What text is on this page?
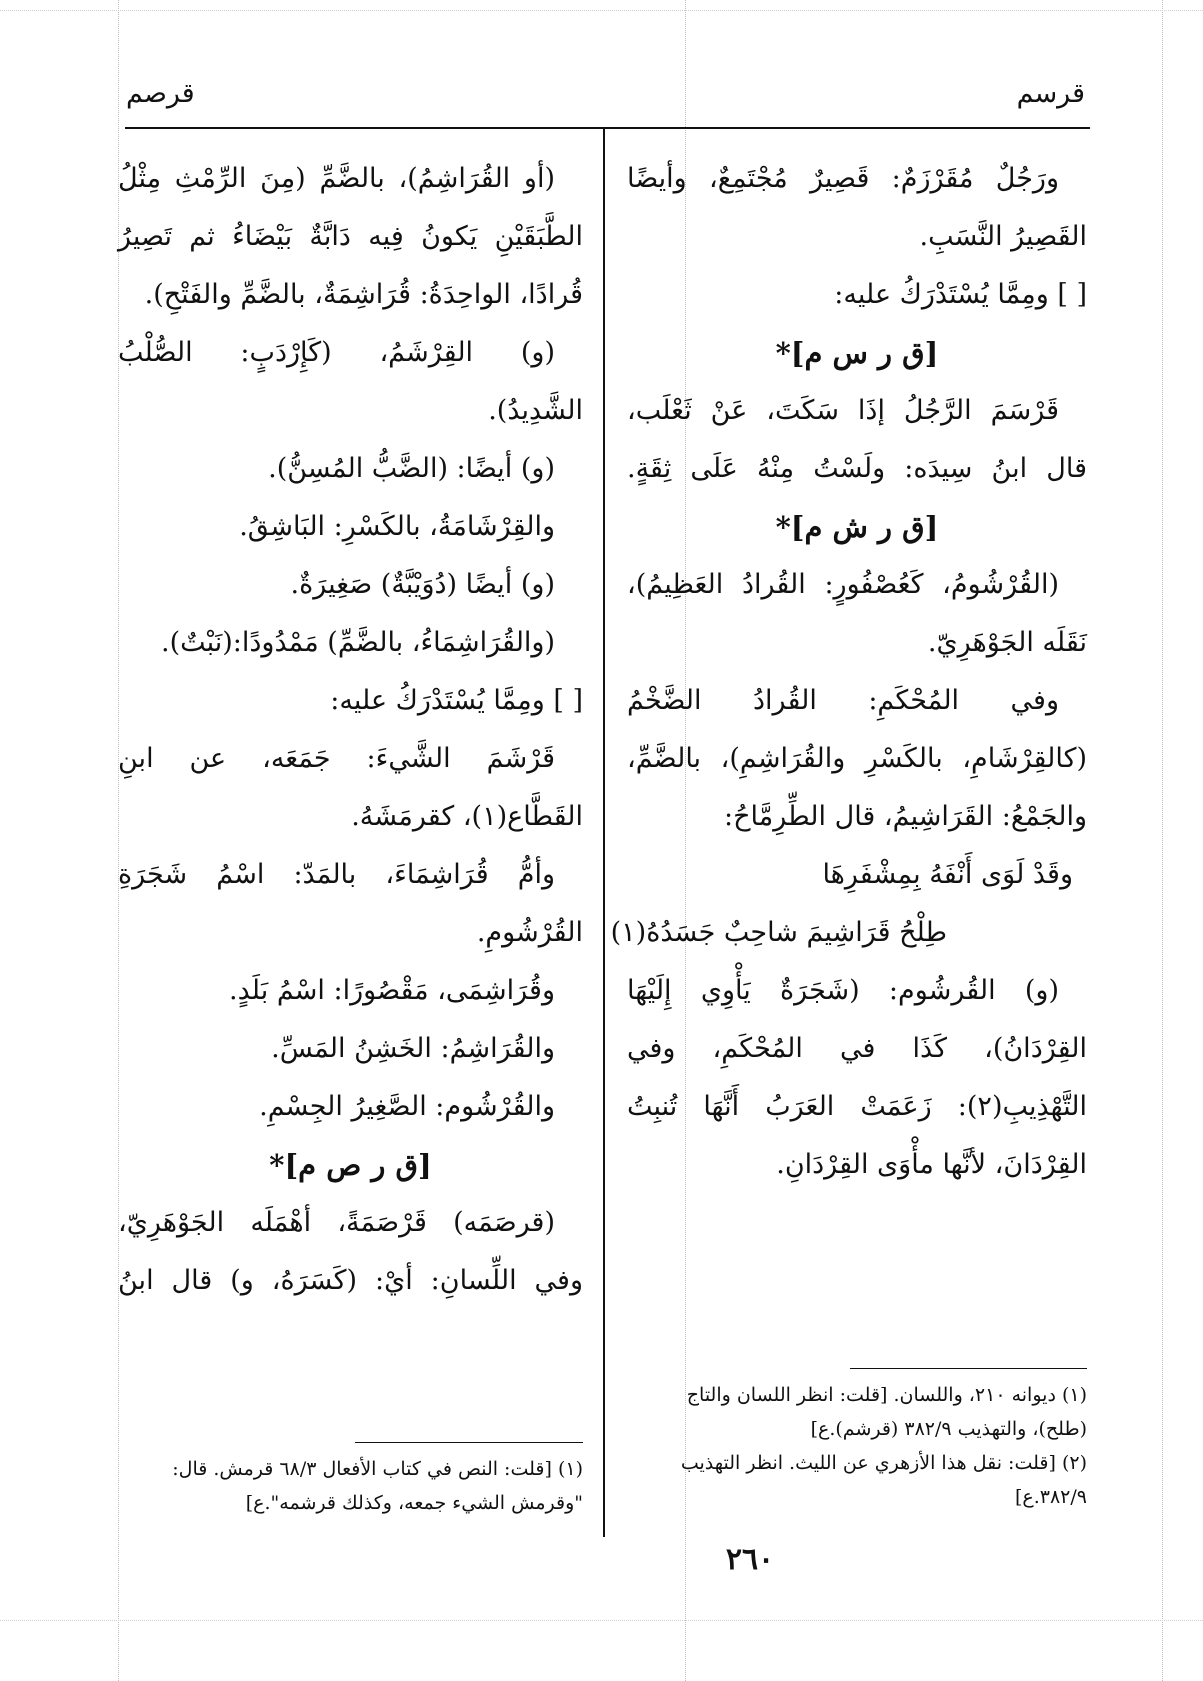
قرسم
قرصم
ورَجُلٌ مُقَرْزَمٌ: قَصِيرٌ مُجْتَمِعٌ، وأيضًا
القَصِيرُ النَّسَبِ.
[ ] ومِمَّا يُسْتَدْرَكُ عليه:
[ق ر س م]*
قَرْسَمَ الرَّجُلُ إذَا سَكَتَ، عَنْ ثَعْلَب،
قال ابنُ سِيدَه: ولَسْتُ مِنْهُ عَلَى ثِقَةٍ.
[ق ر ش م]*
(القُرْشُومُ، كَعُصْفُورٍ: القُرادُ العَظِيمُ)،
نَقَلَه الجَوْهَرِيّ.
وفي المُحْكَمِ: القُرادُ الضَّخْمُ
(كالقِرْشَامِ، بالكَسْرِ والقُرَاشِمِ)، بالضَّمِّ،
والجَمْعُ: القَرَاشِيمُ، قال الطِّرِمَّاحُ:
وقَدْ لَوَى أَنْفَهُ بِمِشْفَرِهَا
طِلْحُ قَرَاشِيمَ شاحِبٌ جَسَدُهُ(١)
(و) القُرشُوم: (شَجَرَةٌ يَأْوِي إِلَيْهَا
القِرْدَانُ)، كَذَا في المُحْكَمِ، وفي
التَّهْذِيبِ(٢): زَعَمَتْ العَرَبُ أَنَّهَا تُنبِتُ
القِرْدَانَ، لأنَّها مأْوَى القِرْدَانِ.
(أو القُرَاشِمُ)، بالضَّمِّ (مِنَ الرِّمْثِ مِثْلُ
الطَّبَقَيْنِ يَكونُ فِيه دَابَّةٌ بَيْضَاءُ ثم تَصِيرُ
قُرادًا، الواحِدَةُ: قُرَاشِمَةٌ، بالضَّمِّ والفَتْحِ).
(و) القِرْشَمُ، (كَإِرْدَبٍ: الصُّلْبُ
الشَّدِيدُ).
(و) أيضًا: (الضَّبُّ المُسِنُّ).
والقِرْشَامَةُ، بالكَسْرِ: البَاشِقُ.
(و) أيضًا (دُوَيْبَّةٌ) صَغِيرَةٌ.
(والقُرَاشِمَاءُ، بالضَّمِّ) مَمْدُودًا:(نَبْتٌ).
[ ] ومِمَّا يُسْتَدْرَكُ عليه:
قَرْشَمَ الشَّيءَ: جَمَعَه، عن ابنِ
القَطَّاع(١)، كقرمَشَهُ.
وأمُّ قُرَاشِمَاءَ، بالمَدّ: اسْمُ شَجَرَةِ
القُرْشُومِ.
وقُرَاشِمَى، مَقْصُورًا: اسْمُ بَلَدٍ.
والقُرَاشِمُ: الخَشِنُ المَسِّ.
والقُرْشُوم: الصَّغِيرُ الجِسْمِ.
[ق ر ص م]*
(قرصَمَه) قَرْصَمَةً، أهْمَلَه الجَوْهَرِيّ،
وفي اللِّسانِ: أيْ: (كَسَرَهُ، و) قال ابنُ
(١) ديوانه ٢١٠، واللسان. [قلت: انظر اللسان والتاج
(طلح)، والتهذيب ٣٨٢/٩ (قرشم).ع]
(٢) [قلت: نقل هذا الأزهري عن الليث. انظر التهذيب
٣٨٢/٩.ع]
(١) [قلت: النص في كتاب الأفعال ٦٨/٣ قرمش. قال:
"وقرمش الشيء جمعه، وكذلك قرشمه".ع]
٢٦٠
